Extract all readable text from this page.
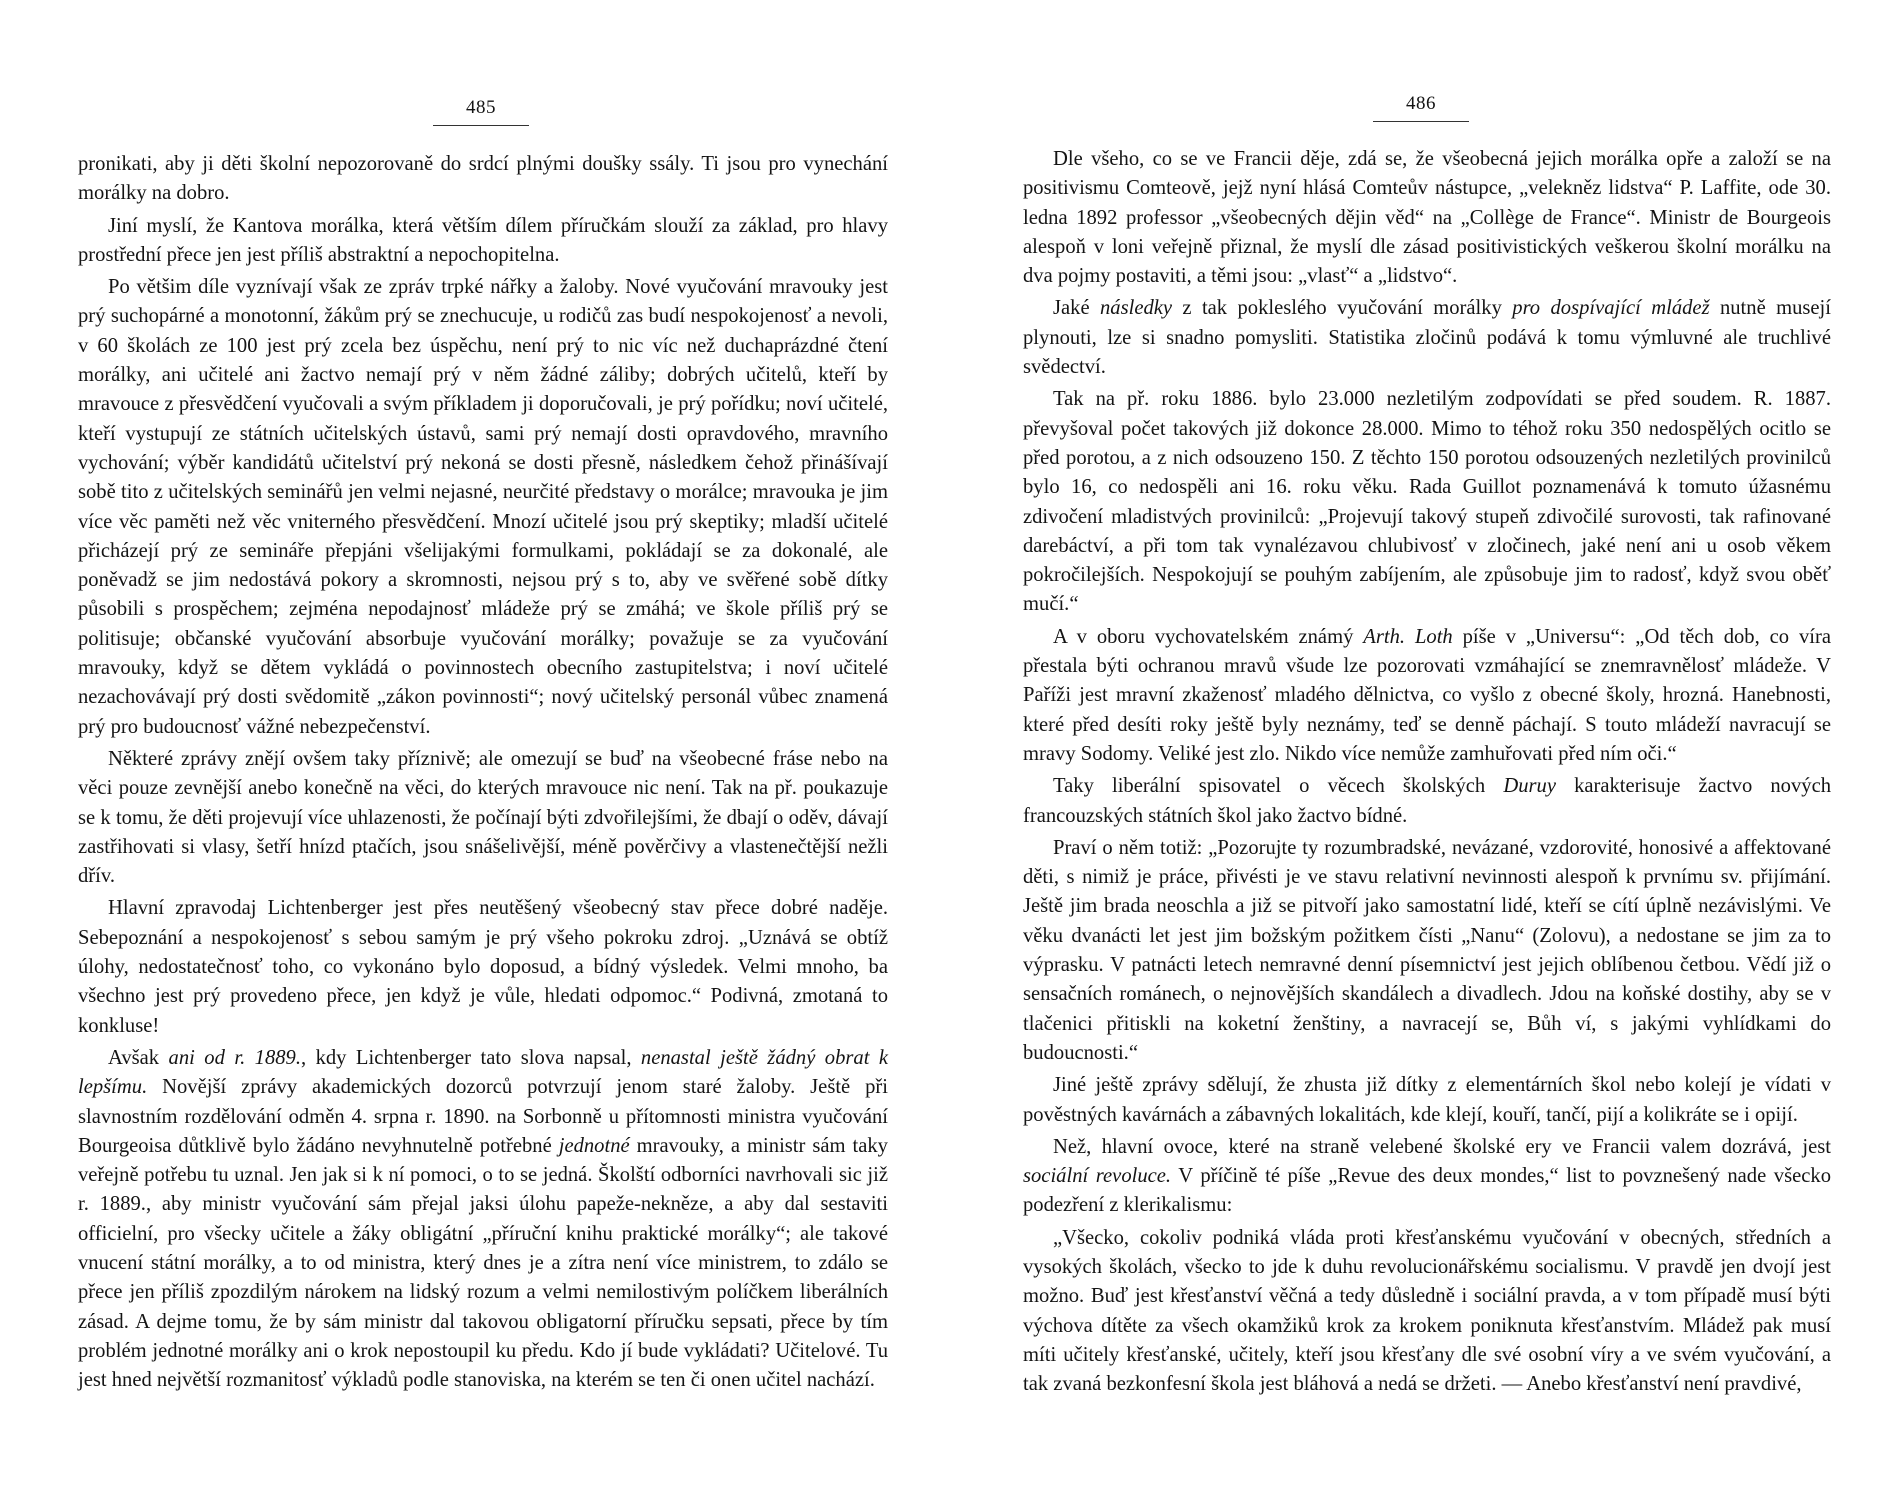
485

pronikati, aby ji děti školní nepozorovaně do srdcí plnými doušky ssály. Ti jsou pro vynechání morálky na dobro.

Jiní myslí, že Kantova morálka, která větším dílem příručkám slouží za základ, pro hlavy prostřední přece jen jest příliš abstraktní a nepochopitelna.

Po většim díle vyznívají však ze zpráv trpké nářky a žaloby. Nové vyučování mravouky jest prý suchopárné a monotonní, žákům prý se znechucuje, u rodičů zas budí nespokojenosť a nevoli, v 60 školách ze 100 jest prý zcela bez úspěchu, není prý to nic víc než duchaprázdné čtení morálky, ani učitelé ani žactvo nemají prý v něm žádné záliby; dobrých učitelů, kteří by mravouce z přesvědčení vyučovali a svým příkladem ji doporučovali, je prý pořídku; noví učitelé, kteří vystupují ze státních učitelských ústavů, sami prý nemají dosti opravdového, mravního vychování; výběr kandidátů učitelství prý nekoná se dosti přesně, následkem čehož přinášívají sobě tito z učitelských seminářů jen velmi nejasné, neurčité představy o morálce; mravouka je jim více věc paměti než věc vniterného přesvědčení. Mnozí učitelé jsou prý skeptiky; mladší učitelé přicházejí prý ze semináře přepjáni všelijakými formulkami, pokládají se za dokonalé, ale poněvadž se jim nedostává pokory a skromnosti, nejsou prý s to, aby ve svěřené sobě dítky působili s prospěchem; zejména nepodajnosť mládeže prý se zmáhá; ve škole příliš prý se politisuje; občanské vyučování absorbuje vyučování morálky; považuje se za vyučování mravouky, když se dětem vykládá o povinnostech obecního zastupitelstva; i noví učitelé nezachovávají prý dosti svědomitě „zákon povinnosti“; nový učitelský personál vůbec znamená prý pro budoucnosť vážné nebezpečenství.

Některé zprávy znějí ovšem taky příznivě; ale omezují se buď na všeobecné fráse nebo na věci pouze zevnější anebo konečně na věci, do kterých mravouce nic není. Tak na př. poukazuje se k tomu, že děti projevují více uhlazenosti, že počínají býti zdvořilejšími, že dbají o oděv, dávají zastřihovati si vlasy, šetří hnízd ptačích, jsou snášelivější, méně pověrčivy a vlastenečtější nežli dřív.

Hlavní zpravodaj Lichtenberger jest přes neutěšený všeobecný stav přece dobré naděje. Sebepoznání a nespokojenosť s sebou samým je prý všeho pokroku zdroj. „Uznává se obtíž úlohy, nedostatečnosť toho, co vykonáno bylo doposud, a bídný výsledek. Velmi mnoho, ba všechno jest prý provedeno přece, jen když je vůle, hledati odpomoc.“ Podivná, zmotaná to konkluse!

Avšak ani od r. 1889., kdy Lichtenberger tato slova napsal, nenastal ještě žádný obrat k lepšímu. Novější zprávy akademických dozorců potvrzují jenom staré žaloby. Ještě při slavnostním rozdělování odměn 4. srpna r. 1890. na Sorbonně u přítomnosti ministra vyučování Bourgeoisa důtklivě bylo žádáno nevyhnutelně potřebné jednotné mravouky, a ministr sám taky veřejně potřebu tu uznal. Jen jak si k ní pomoci, o to se jedná. Školští odborníci navrhovali sic již r. 1889., aby ministr vyučování sám přejal jaksi úlohu papeže-nekněze, a aby dal sestaviti officielní, pro všecky učitele a žáky obligátní „příruční knihu praktické morálky“; ale takové vnucení státní morálky, a to od ministra, který dnes je a zítra není více ministrem, to zdálo se přece jen příliš zpozdilým nárokem na lidský rozum a velmi nemilostivým políčkem liberálních zásad. A dejme tomu, že by sám ministr dal takovou obligatorní příručku sepsati, přece by tím problém jednotné morálky ani o krok nepostoupil ku předu. Kdo jí bude vykládati? Učitelové. Tu jest hned největší rozmanitosť výkladů podle stanoviska, na kterém se ten či onen učitel nachází.

486

Dle všeho, co se ve Francii děje, zdá se, že všeobecná jejich morálka opře a založí se na positivismu Comteově, jejž nyní hlásá Comteův nástupce, „velekněz lidstva“ P. Laffite, ode 30. ledna 1892 professor „všeobecných dějin věd“ na „Collège de France“. Ministr de Bourgeois alespoň v loni veřejně přiznal, že myslí dle zásad positivistických veškerou školní morálku na dva pojmy postaviti, a těmi jsou: „vlasť“ a „lidstvo“.

Jaké následky z tak pokleslého vyučování morálky pro dospívající mládež nutně musejí plynouti, lze si snadno pomysliti. Statistika zločinů podává k tomu výmluvné ale truchlivé svědectví.

Tak na př. roku 1886. bylo 23.000 nezletilým zodpovídati se před soudem. R. 1887. převyšoval počet takových již dokonce 28.000. Mimo to téhož roku 350 nedospělých ocitlo se před porotou, a z nich odsouzeno 150. Z těchto 150 porotou odsouzených nezletilých provinilců bylo 16, co nedospěli ani 16. roku věku. Rada Guillot poznamenává k tomuto úžasnému zdivočení mladistvých provinilců: „Projevují takový stupeň zdivočilé surovosti, tak rafinované darebáctví, a při tom tak vynalézavou chlubivosť v zločinech, jaké není ani u osob věkem pokročilejších. Nespokojují se pouhým zabíjením, ale způsobuje jim to radosť, když svou oběť mučí.“

A v oboru vychovatelském známý Arth. Loth píše v „Universu“: „Od těch dob, co víra přestala býti ochranou mravů všude lze pozorovati vzmáhající se znemravnělosť mládeže. V Paříži jest mravní zkaženosť mladého dělnictva, co vyšlo z obecné školy, hrozná. Hanebnosti, které před desíti roky ještě byly neznámy, teď se denně páchají. S touto mládeží navracují se mravy Sodomy. Veliké jest zlo. Nikdo více nemůže zamhuřovati před ním oči.“

Taky liberální spisovatel o věcech školských Duruy karakterisuje žactvo nových francouzských státních škol jako žactvo bídné.

Praví o něm totiž: „Pozorujte ty rozumbradské, nevázané, vzdorovité, honosivé a affektované děti, s nimiž je práce, přivésti je ve stavu relativní nevinnosti alespoň k prvnímu sv. přijímání. Ještě jim brada neoschla a již se pitvoří jako samostatní lidé, kteří se cítí úplně nezávislými. Ve věku dvanácti let jest jim božským požitkem čísti „Nanu“ (Zolovu), a nedostane se jim za to výprasku. V patnácti letech nemravné denní písemnictví jest jejich oblíbenou četbou. Vědí již o sensačních románech, o nejnovějších skandálech a divadlech. Jdou na koňské dostihy, aby se v tlačenici přitiskli na koketní ženštiny, a navracejí se, Bůh ví, s jakými vyhlídkami do budoucnosti.“

Jiné ještě zprávy sdělují, že zhusta již dítky z elementárních škol nebo kolejí je vídati v pověstných kavárnách a zábavných lokalitách, kde klejí, kouří, tančí, pijí a kolikráte se i opijí.

Než, hlavní ovoce, které na straně velebené školské ery ve Francii valem dozrává, jest sociální revoluce. V příčině té píše „Revue des deux mondes,“ list to povznešený nade všecko podezření z klerikalismu:

„Všecko, cokoliv podniká vláda proti křesťanskému vyučování v obecných, středních a vysokých školách, všecko to jde k duhu revolucionářskému socialismu. V pravdě jen dvojí jest možno. Buď jest křesťanství věčná a tedy důsledně i sociální pravda, a v tom případě musí býti výchova dítěte za všech okamžiků krok za krokem poniknuta křesťanstvím. Mládež pak musí míti učitely křesťanské, učitely, kteří jsou křesťany dle své osobní víry a ve svém vyučování, a tak zvaná bezkonfesní škola jest bláhová a nedá se držeti. — Anebo křesťanství není pravdivé,
